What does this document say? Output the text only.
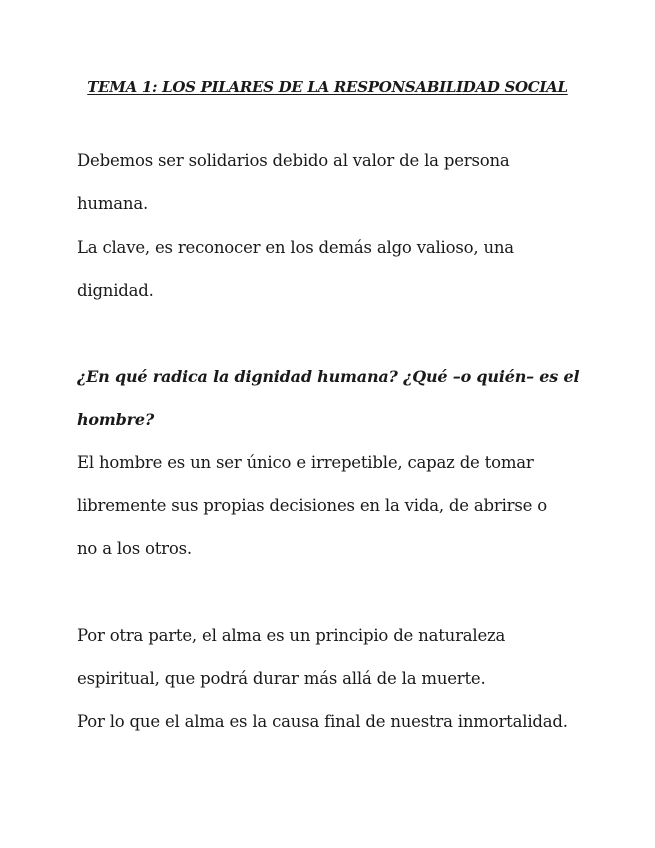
TEMA 1: LOS PILARES DE LA RESPONSABILIDAD SOCIAL
Debemos ser solidarios debido al valor de la persona
humana.
La clave, es reconocer en los demás algo valioso, una
dignidad.
¿En qué radica la dignidad humana? ¿Qué –o quién– es el
hombre?
El hombre es un ser único e irrepetible, capaz de tomar
libremente sus propias decisiones en la vida, de abrirse o
no a los otros.
Por otra parte, el alma es un principio de naturaleza
espiritual, que podrá durar más allá de la muerte.
Por lo que el alma es la causa final de nuestra inmortalidad.
